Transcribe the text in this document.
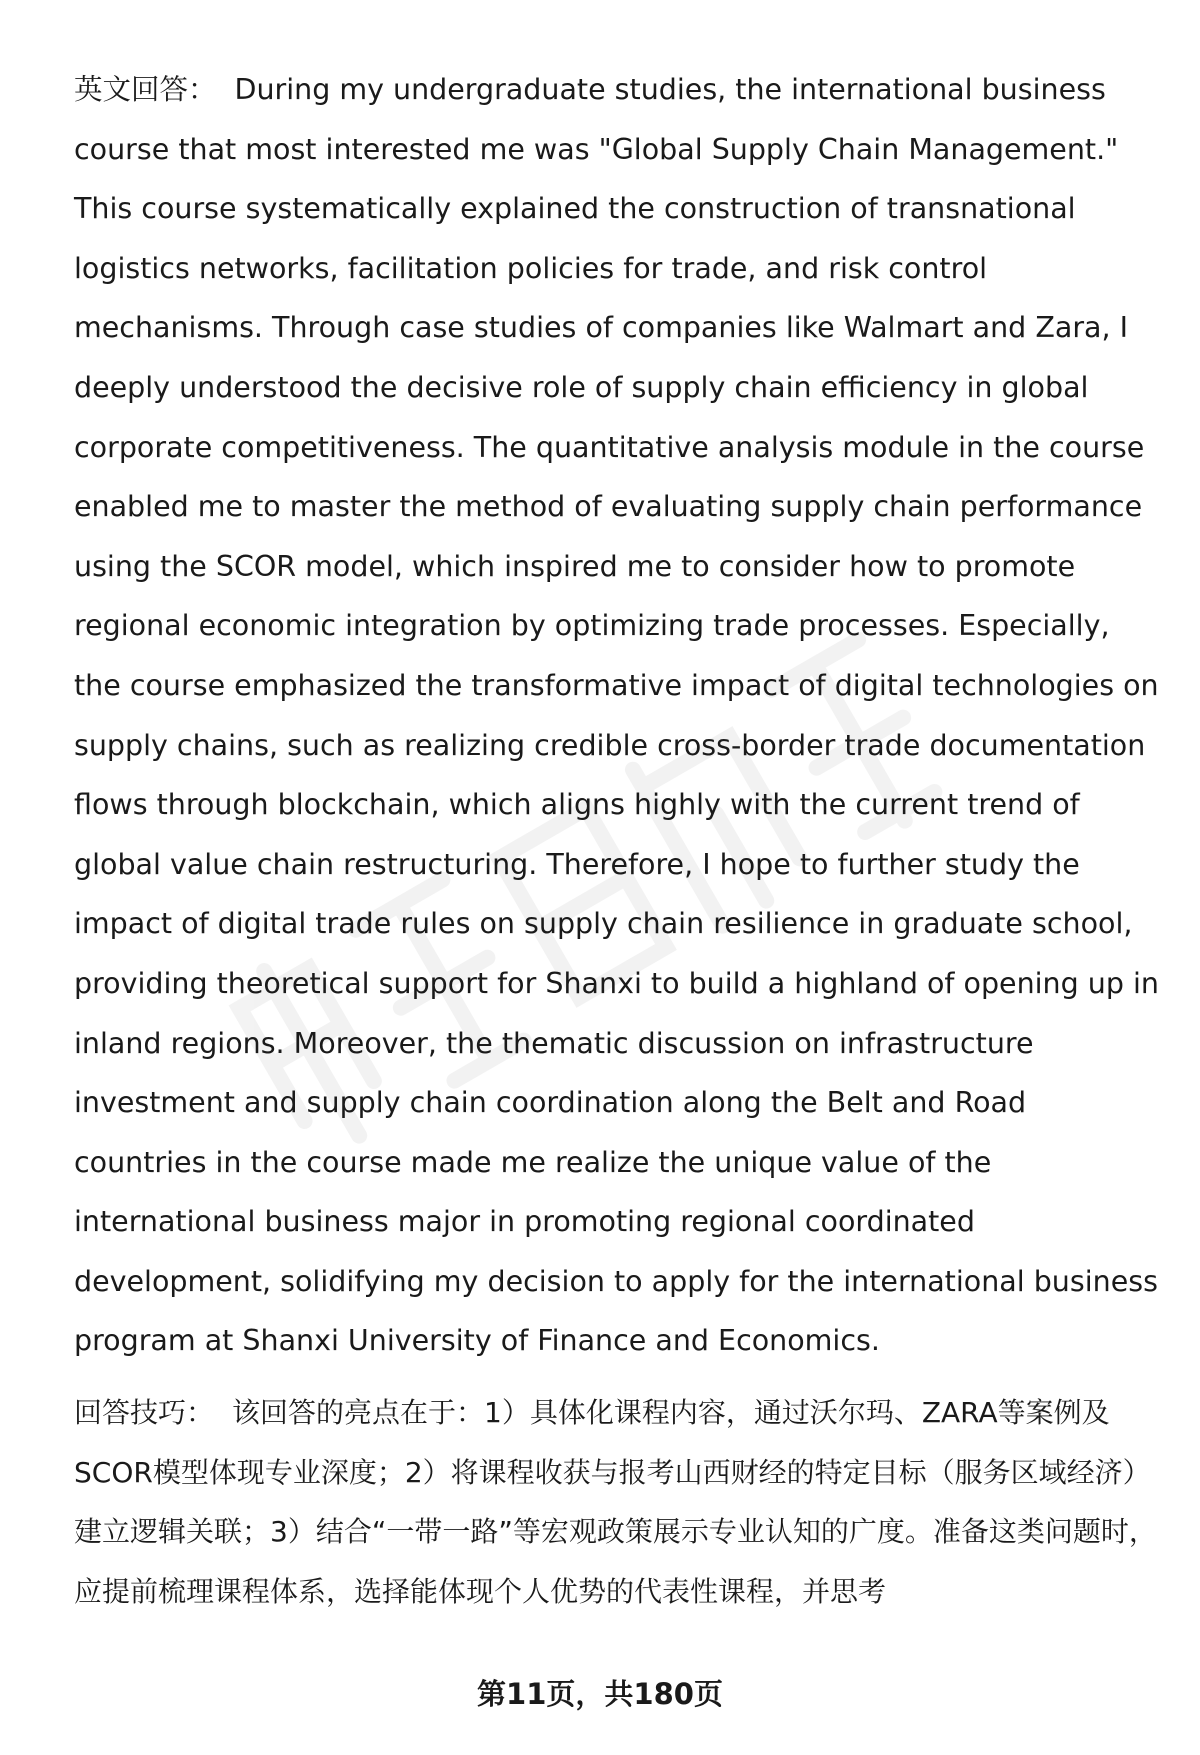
英文回答： During my undergraduate studies, the international business course that most interested me was "Global Supply Chain Management." This course systematically explained the construction of transnational logistics networks, facilitation policies for trade, and risk control mechanisms. Through case studies of companies like Walmart and Zara, I deeply understood the decisive role of supply chain efficiency in global corporate competitiveness. The quantitative analysis module in the course enabled me to master the method of evaluating supply chain performance using the SCOR model, which inspired me to consider how to promote regional economic integration by optimizing trade processes. Especially, the course emphasized the transformative impact of digital technologies on supply chains, such as realizing credible cross-border trade documentation flows through blockchain, which aligns highly with the current trend of global value chain restructuring. Therefore, I hope to further study the impact of digital trade rules on supply chain resilience in graduate school, providing theoretical support for Shanxi to build a highland of opening up in inland regions. Moreover, the thematic discussion on infrastructure investment and supply chain coordination along the Belt and Road countries in the course made me realize the unique value of the international business major in promoting regional coordinated development, solidifying my decision to apply for the international business program at Shanxi University of Finance and Economics.

回答技巧： 该回答的亮点在于：1）具体化课程内容，通过沃尔玛、ZARA等案例及SCOR模型体现专业深度；2）将课程收获与报考山西财经的特定目标（服务区域经济）建立逻辑关联；3）结合“一带一路”等宏观政策展示专业认知的广度。准备这类问题时，应提前梳理课程体系，选择能体现个人优势的代表性课程，并思考

第11页，共180页
